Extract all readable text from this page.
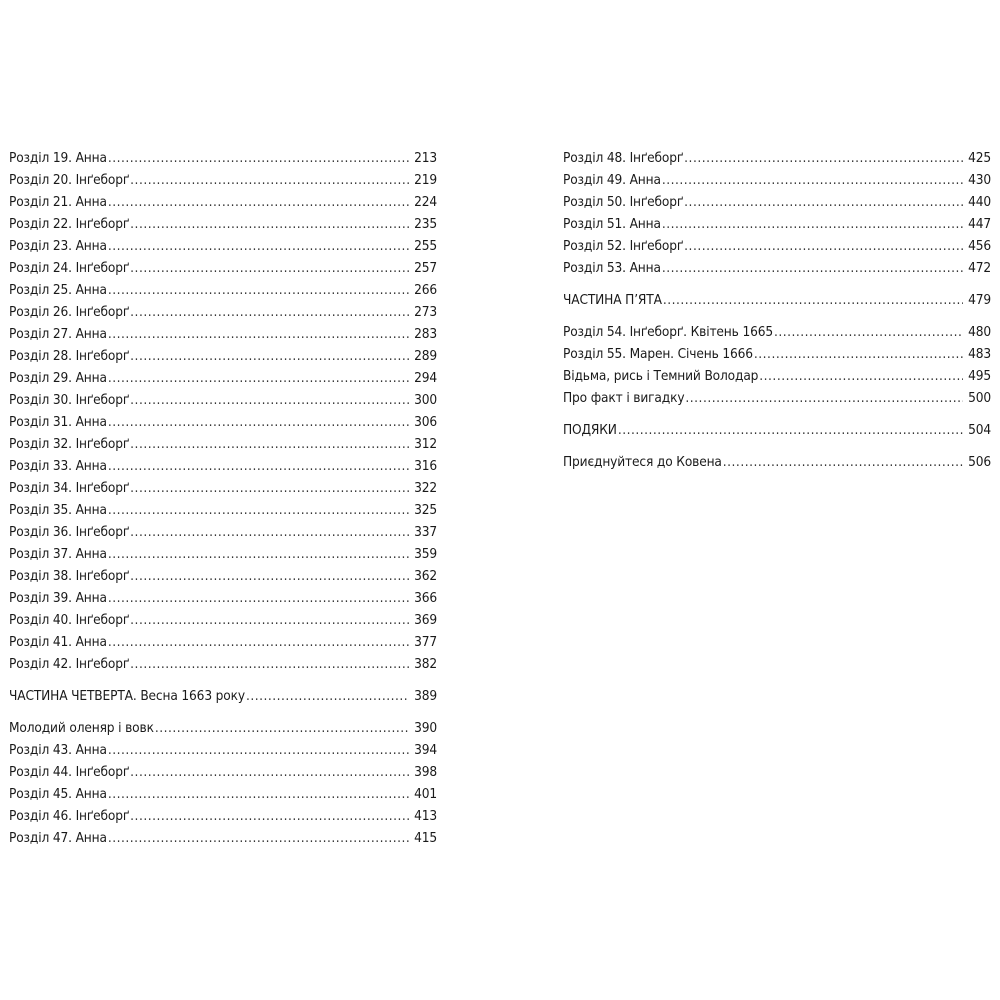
Розділ 19. Анна .....	213
Розділ 20. Інґеборґ .....	219
Розділ 21. Анна .....	224
Розділ 22. Інґеборґ .....	235
Розділ 23. Анна .....	255
Розділ 24. Інґеборґ .....	257
Розділ 25. Анна .....	266
Розділ 26. Інґеборґ .....	273
Розділ 27. Анна .....	283
Розділ 28. Інґеборґ .....	289
Розділ 29. Анна .....	294
Розділ 30. Інґеборґ .....	300
Розділ 31. Анна .....	306
Розділ 32. Інґеборґ .....	312
Розділ 33. Анна .....	316
Розділ 34. Інґеборґ .....	322
Розділ 35. Анна .....	325
Розділ 36. Інґеборґ .....	337
Розділ 37. Анна .....	359
Розділ 38. Інґеборґ .....	362
Розділ 39. Анна .....	366
Розділ 40. Інґеборґ .....	369
Розділ 41. Анна .....	377
Розділ 42. Інґеборґ .....	382
ЧАСТИНА ЧЕТВЕРТА. Весна 1663 року .....	389
Молодий оленяр і вовк .....	390
Розділ 43. Анна .....	394
Розділ 44. Інґеборґ .....	398
Розділ 45. Анна .....	401
Розділ 46. Інґеборґ .....	413
Розділ 47. Анна .....	415
Розділ 48. Інґеборґ .....	425
Розділ 49. Анна .....	430
Розділ 50. Інґеборґ .....	440
Розділ 51. Анна .....	447
Розділ 52. Інґеборґ .....	456
Розділ 53. Анна .....	472
ЧАСТИНА П’ЯТА .....	479
Розділ 54. Інґеборґ. Квітень 1665 .....	480
Розділ 55. Марен. Січень 1666 .....	483
Відьма, рись і Темний Володар .....	495
Про факт і вигадку .....	500
ПОДЯКИ .....	504
Приєднуйтеся до Ковена .....	506
